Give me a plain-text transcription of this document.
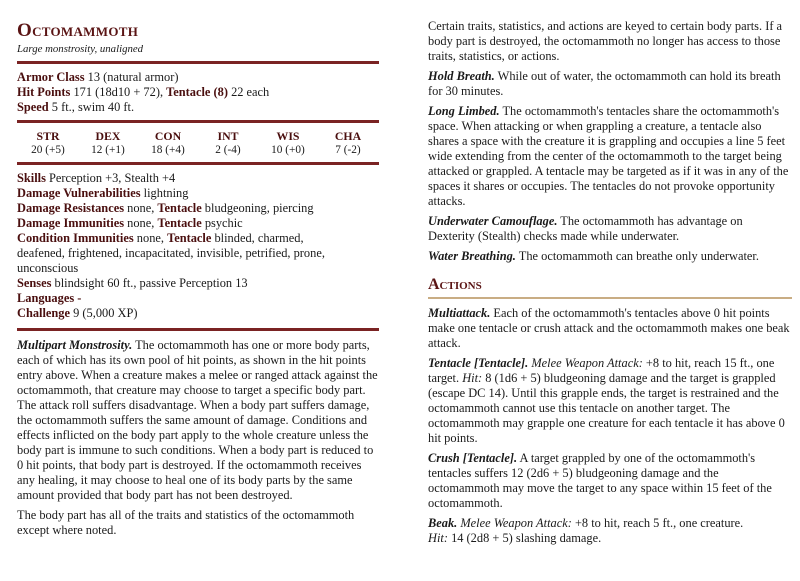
Octomammoth
Large monstrosity, unaligned
Armor Class 13 (natural armor)
Hit Points 171 (18d10 + 72), Tentacle (8) 22 each
Speed 5 ft., swim 40 ft.
STR
20 (+5)
DEX
12 (+1)
CON
18 (+4)
INT
2 (-4)
WIS
10 (+0)
CHA
7 (-2)
Skills Perception +3, Stealth +4
Damage Vulnerabilities lightning
Damage Resistances none, Tentacle bludgeoning, piercing
Damage Immunities none, Tentacle psychic
Condition Immunities none, Tentacle blinded, charmed,
deafened, frightened, incapacitated, invisible, petrified, prone,
unconscious
Senses blindsight 60 ft., passive Perception 13
Languages -
Challenge 9 (5,000 XP)

Multipart Monstrosity. The octomammoth has one or more body parts, each of which has its own pool of hit points, as shown in the hit points entry above. When a creature makes a melee or ranged attack against the octomammoth, that creature may choose to target a specific body part. The attack roll suffers disadvantage. When a body part suffers damage, the octomammoth suffers the same amount of damage. Conditions and effects inflicted on the body part apply to the whole creature unless the body part is immune to such conditions. When a body part is reduced to 0 hit points, that body part is destroyed. If the octomammoth receives any healing, it may choose to heal one of its body parts by the same amount provided that body part has not been destroyed.

The body part has all of the traits and statistics of the octomammoth except where noted.

Certain traits, statistics, and actions are keyed to certain body parts. If a body part is destroyed, the octomammoth no longer has access to those traits, statistics, or actions.

Hold Breath. While out of water, the octomammoth can hold its breath for 30 minutes.

Long Limbed. The octomammoth's tentacles share the octomammoth's space. When attacking or when grappling a creature, a tentacle also shares a space with the creature it is grappling and occupies a line 5 feet wide extending from the center of the octomammoth to the target being attacked or grappled. A tentacle may be targeted as if it was in any of the spaces it shares or occupies. The tentacles do not provoke opportunity attacks.

Underwater Camouflage. The octomammoth has advantage on Dexterity (Stealth) checks made while underwater.

Water Breathing. The octomammoth can breathe only underwater.

Actions

Multiattack. Each of the octomammoth's tentacles above 0 hit points make one tentacle or crush attack and the octomammoth makes one beak attack.

Tentacle [Tentacle]. Melee Weapon Attack: +8 to hit, reach 15 ft., one target. Hit: 8 (1d6 + 5) bludgeoning damage and the target is grappled (escape DC 14). Until this grapple ends, the target is restrained and the octomammoth cannot use this tentacle on another target. The octomammoth may grapple one creature for each tentacle it has above 0 hit points.

Crush [Tentacle]. A target grappled by one of the octomammoth's tentacles suffers 12 (2d6 + 5) bludgeoning damage and the octomammoth may move the target to any space within 15 feet of the octomammoth.

Beak. Melee Weapon Attack: +8 to hit, reach 5 ft., one creature.
Hit: 14 (2d8 + 5) slashing damage.
